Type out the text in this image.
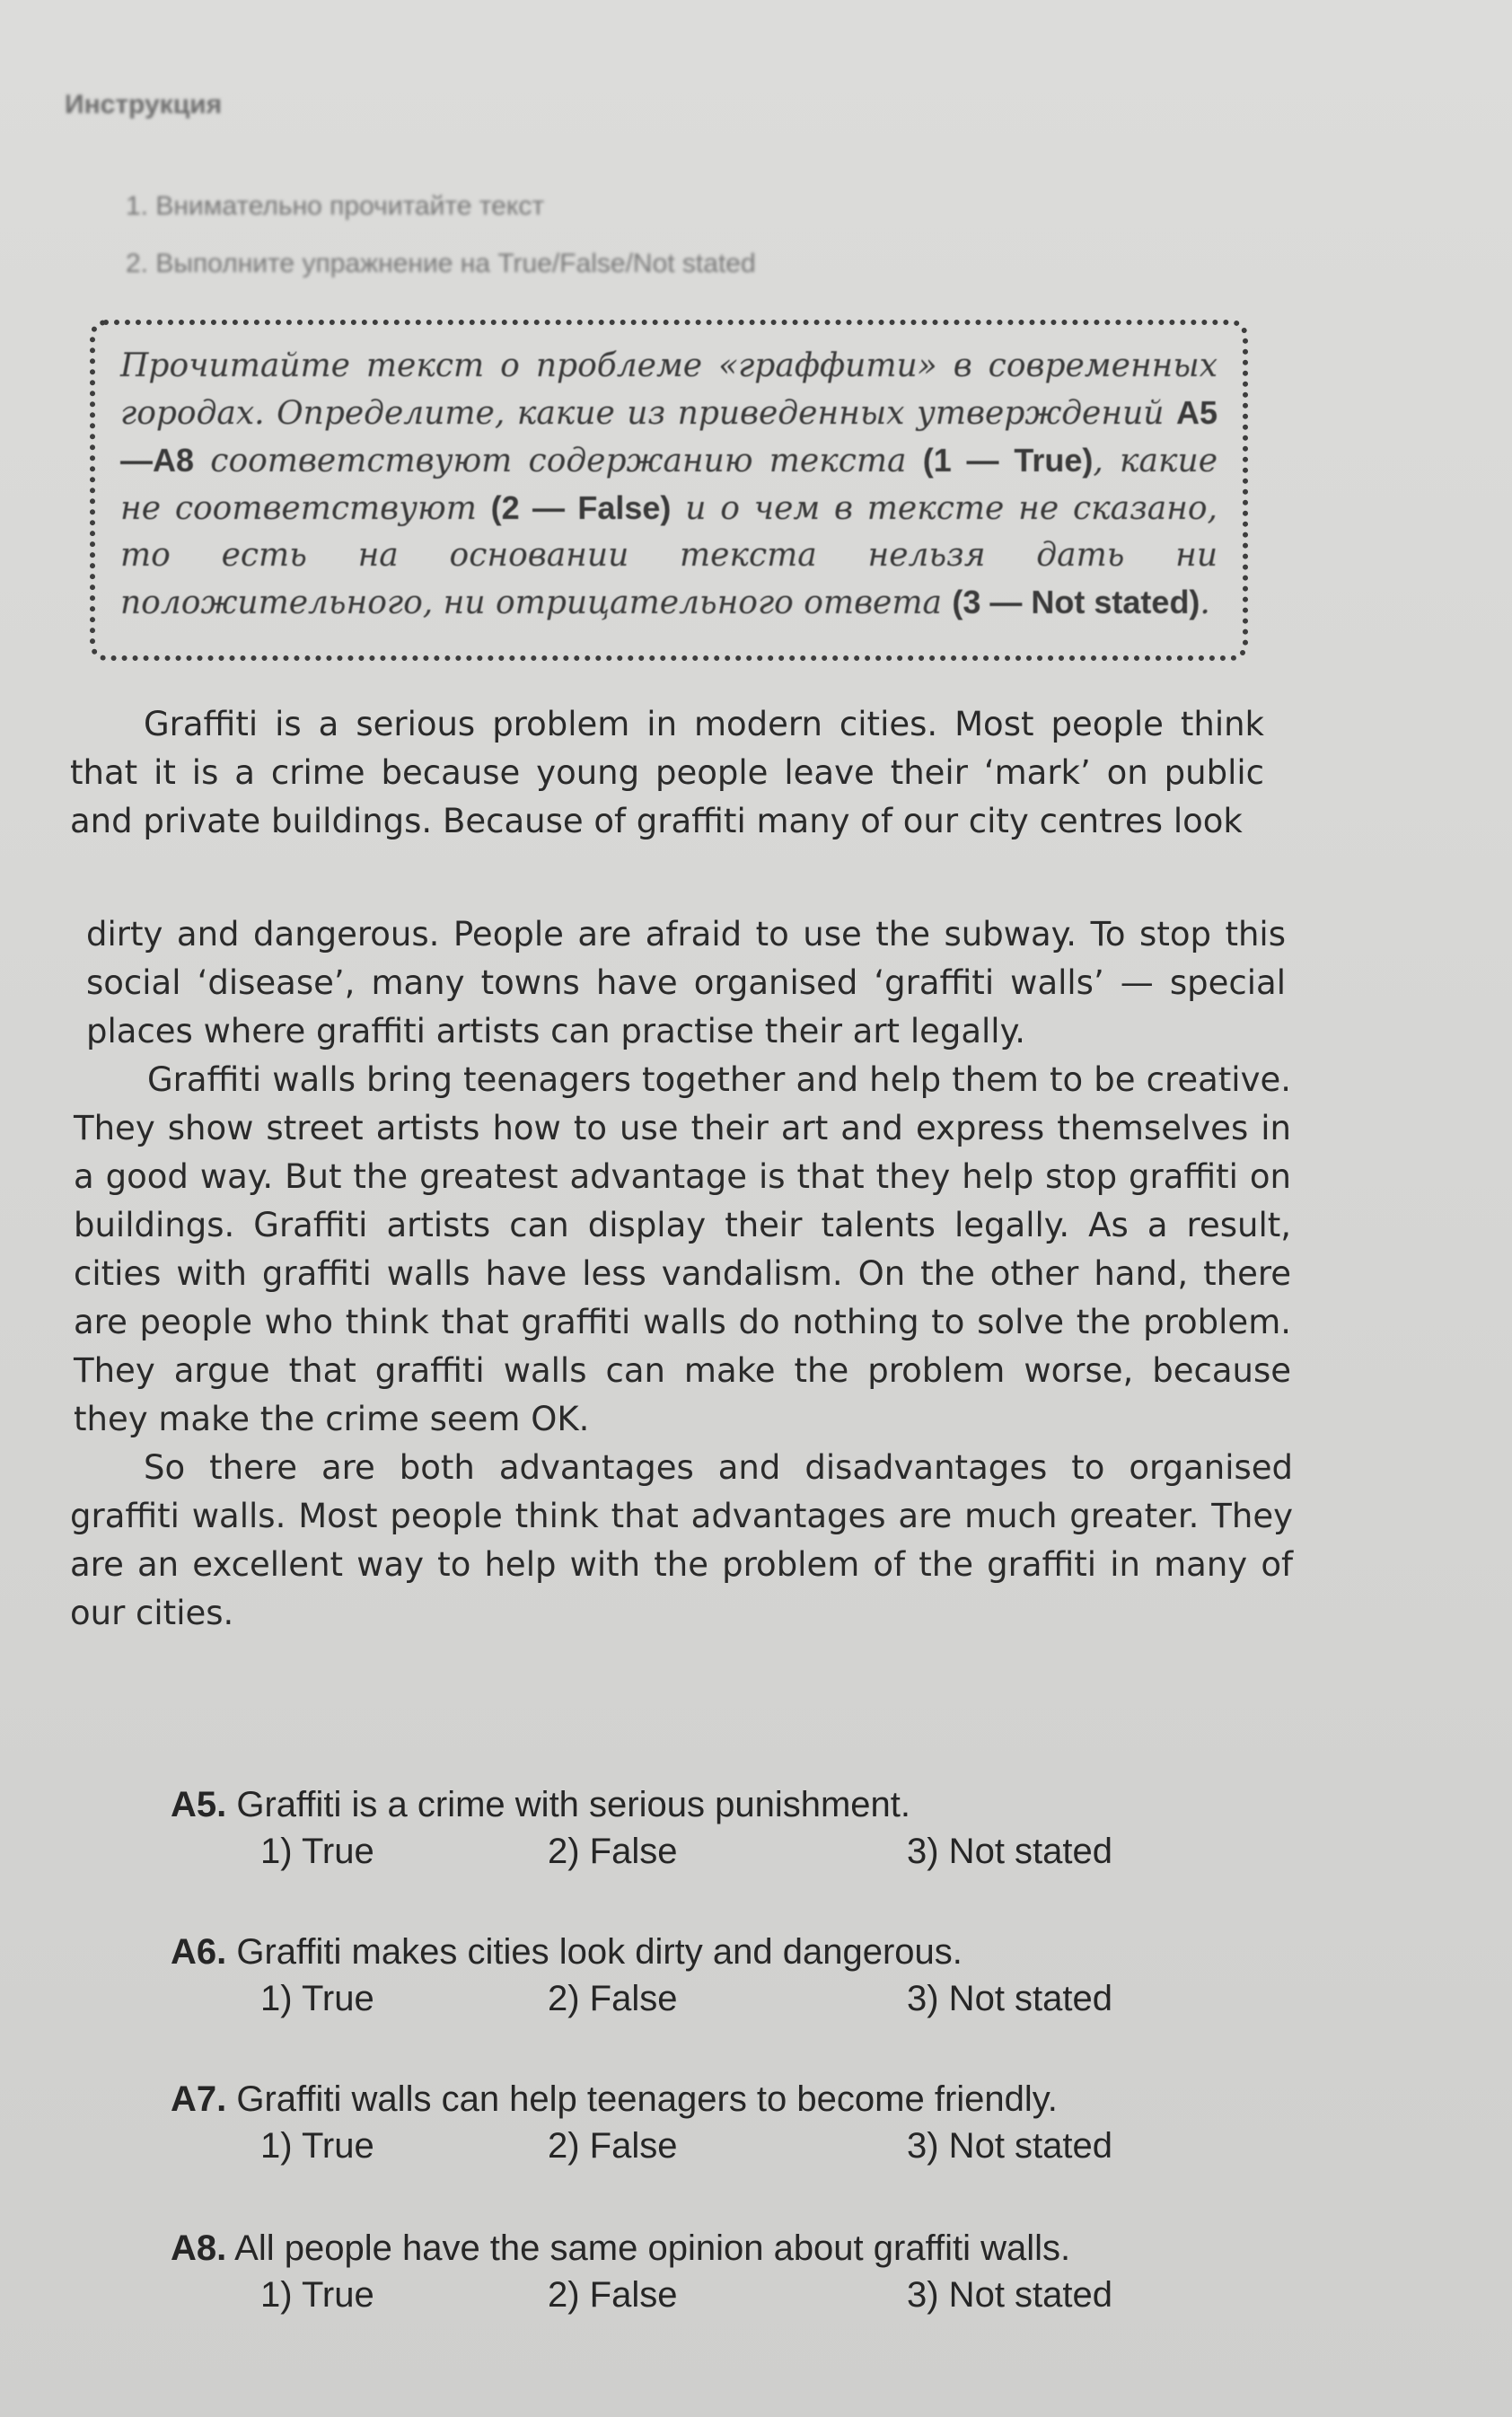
Инструкция
1. Внимательно прочитайте текст
2. Выполните упражнение на True/False/Not stated
Прочитайте текст о проблеме «граффити» в современных городах. Определите, какие из приведенных утверждений А5—А8 соответствуют содержанию текста (1 — True), какие не соответствуют (2 — False) и о чем в тексте не сказано, то есть на основании текста нельзя дать ни положительного, ни отрицательного ответа (3 — Not stated).
Graffiti is a serious problem in modern cities. Most people think that it is a crime because young people leave their ‘mark’ on public and private buildings. Because of graffiti many of our city centres look
dirty and dangerous. People are afraid to use the subway. To stop this social ‘disease’, many towns have organised ‘graffiti walls’ — special places where graffiti artists can practise their art legally.
Graffiti walls bring teenagers together and help them to be creative. They show street artists how to use their art and express themselves in a good way. But the greatest advantage is that they help stop graffiti on buildings. Graffiti artists can display their talents legally. As a result, cities with graffiti walls have less vandalism. On the other hand, there are people who think that graffiti walls do nothing to solve the problem. They argue that graffiti walls can make the problem worse, because they make the crime seem OK.
So there are both advantages and disadvantages to organised graffiti walls. Most people think that advantages are much greater. They are an excellent way to help with the problem of the graffiti in many of our cities.
A5. Graffiti is a crime with serious punishment.
1) True	2) False	3) Not stated
A6. Graffiti makes cities look dirty and dangerous.
1) True	2) False	3) Not stated
A7. Graffiti walls can help teenagers to become friendly.
1) True	2) False	3) Not stated
A8. All people have the same opinion about graffiti walls.
1) True	2) False	3) Not stated
